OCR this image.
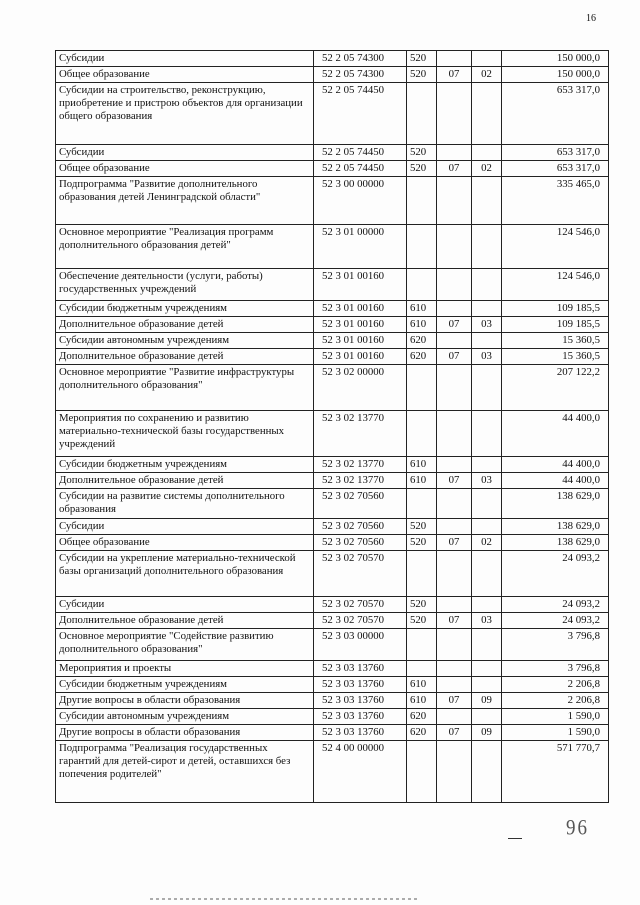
16
Субсидии	52 2 05 74300	520			150 000,0
Общее образование	52 2 05 74300	520	07	02	150 000,0
Субсидии на строительство, реконструкцию, приобретение и пристрою объектов для организации общего образования	52 2 05 74450				653 317,0
Субсидии	52 2 05 74450	520			653 317,0
Общее образование	52 2 05 74450	520	07	02	653 317,0
Подпрограмма "Развитие дополнительного образования детей Ленинградской области"	52 3 00 00000				335 465,0
Основное мероприятие "Реализация программ дополнительного образования детей"	52 3 01 00000				124 546,0
Обеспечение деятельности (услуги, работы) государственных учреждений	52 3 01 00160				124 546,0
Субсидии бюджетным учреждениям	52 3 01 00160	610			109 185,5
Дополнительное образование детей	52 3 01 00160	610	07	03	109 185,5
Субсидии автономным учреждениям	52 3 01 00160	620			15 360,5
Дополнительное образование детей	52 3 01 00160	620	07	03	15 360,5
Основное мероприятие "Развитие инфраструктуры дополнительного образования"	52 3 02 00000				207 122,2
Мероприятия по сохранению и развитию материально-технической базы государственных учреждений	52 3 02 13770				44 400,0
Субсидии бюджетным учреждениям	52 3 02 13770	610			44 400,0
Дополнительное образование детей	52 3 02 13770	610	07	03	44 400,0
Субсидии на развитие системы дополнительного образования	52 3 02 70560				138 629,0
Субсидии	52 3 02 70560	520			138 629,0
Общее образование	52 3 02 70560	520	07	02	138 629,0
Субсидии на укрепление материально-технической базы организаций дополнительного образования	52 3 02 70570				24 093,2
Субсидии	52 3 02 70570	520			24 093,2
Дополнительное образование детей	52 3 02 70570	520	07	03	24 093,2
Основное мероприятие "Содействие развитию дополнительного образования"	52 3 03 00000				3 796,8
Мероприятия и проекты	52 3 03 13760				3 796,8
Субсидии бюджетным учреждениям	52 3 03 13760	610			2 206,8
Другие вопросы в области образования	52 3 03 13760	610	07	09	2 206,8
Субсидии автономным учреждениям	52 3 03 13760	620			1 590,0
Другие вопросы в области образования	52 3 03 13760	620	07	09	1 590,0
Подпрограмма "Реализация государственных гарантий для детей-сирот и детей, оставшихся без попечения родителей"	52 4 00 00000				571 770,7
96
